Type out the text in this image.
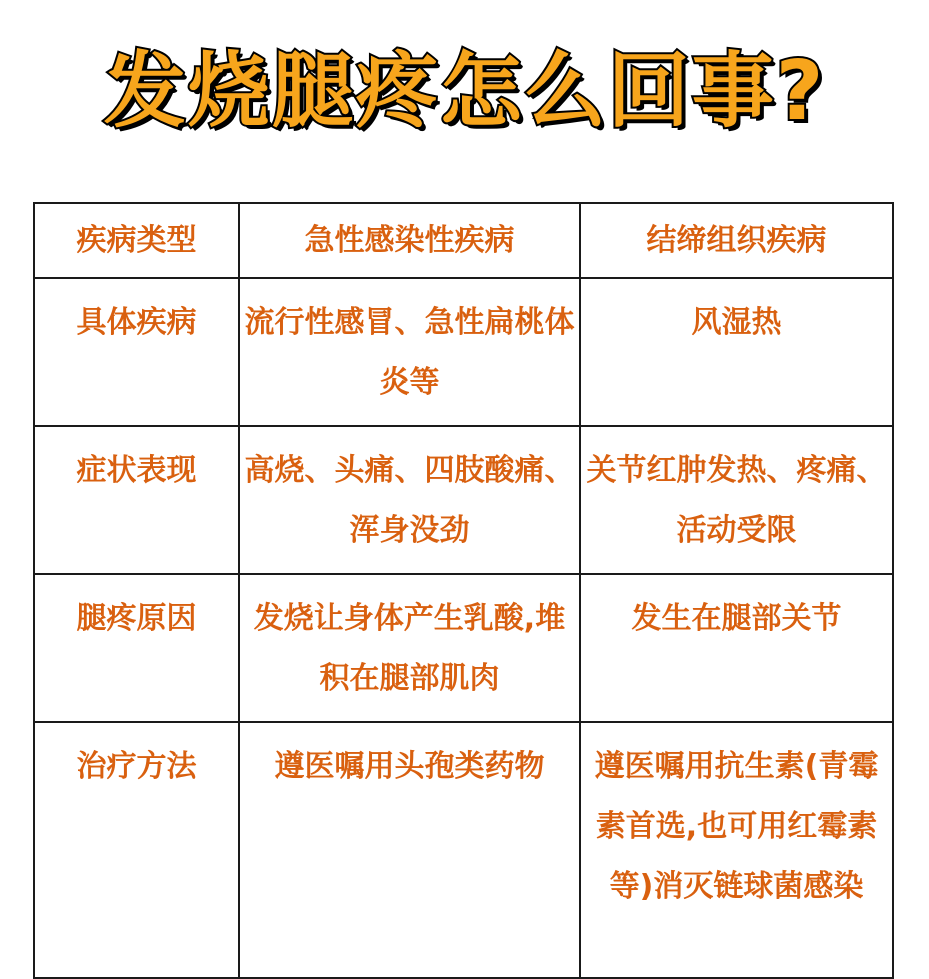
发烧腿疼怎么回事?
疾病类型	急性感染性疾病	结缔组织疾病
具体疾病	流行性感冒、急性扁桃体炎等	风湿热
症状表现	高烧、头痛、四肢酸痛、浑身没劲	关节红肿发热、疼痛、活动受限
腿疼原因	发烧让身体产生乳酸,堆积在腿部肌肉	发生在腿部关节
治疗方法	遵医嘱用头孢类药物	遵医嘱用抗生素(青霉素首选,也可用红霉素等)消灭链球菌感染
